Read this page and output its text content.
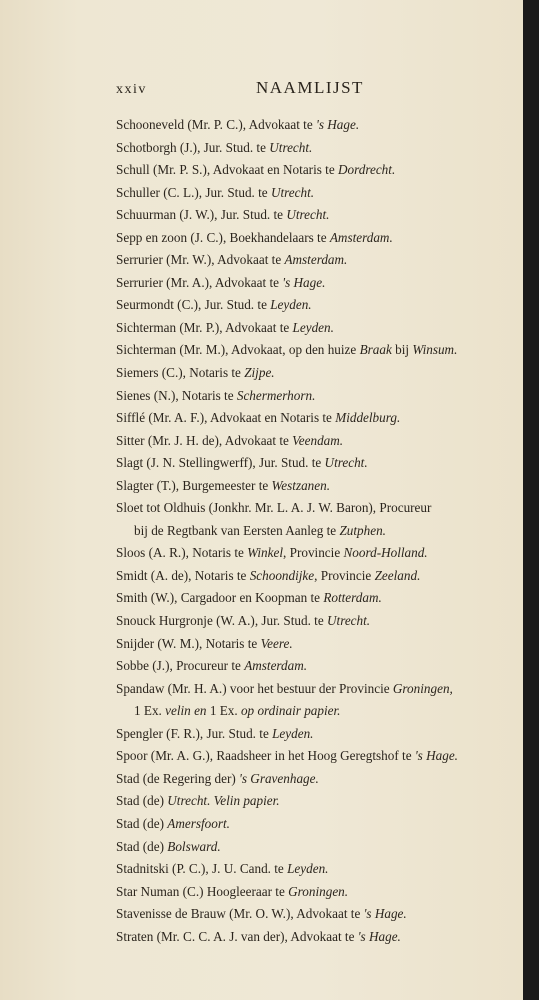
xxiv	NAAMLIJST
Schooneveld (Mr. P. C.), Advokaat te 's Hage.
Schotborgh (J.), Jur. Stud. te Utrecht.
Schull (Mr. P. S.), Advokaat en Notaris te Dordrecht.
Schuller (C. L.), Jur. Stud. te Utrecht.
Schuurman (J. W.), Jur. Stud. te Utrecht.
Sepp en zoon (J. C.), Boekhandelaars te Amsterdam.
Serrurier (Mr. W.), Advokaat te Amsterdam.
Serrurier (Mr. A.), Advokaat te 's Hage.
Seurmondt (C.), Jur. Stud. te Leyden.
Sichterman (Mr. P.), Advokaat te Leyden.
Sichterman (Mr. M.), Advokaat, op den huize Braak bij Winsum.
Siemers (C.), Notaris te Zijpe.
Sienes (N.), Notaris te Schermerhorn.
Sifflé (Mr. A. F.), Advokaat en Notaris te Middelburg.
Sitter (Mr. J. H. de), Advokaat te Veendam.
Slagt (J. N. Stellingwerff), Jur. Stud. te Utrecht.
Slagter (T.), Burgemeester te Westzanen.
Sloet tot Oldhuis (Jonkhr. Mr. L. A. J. W. Baron), Procureur
bij de Regtbank van Eersten Aanleg te Zutphen.
Sloos (A. R.), Notaris te Winkel, Provincie Noord-Holland.
Smidt (A. de), Notaris te Schoondijke, Provincie Zeeland.
Smith (W.), Cargadoor en Koopman te Rotterdam.
Snouck Hurgronje (W. A.), Jur. Stud. te Utrecht.
Snijder (W. M.), Notaris te Veere.
Sobbe (J.), Procureur te Amsterdam.
Spandaw (Mr. H. A.) voor het bestuur der Provincie Groningen,
1 Ex. velin en 1 Ex. op ordinair papier.
Spengler (F. R.), Jur. Stud. te Leyden.
Spoor (Mr. A. G.), Raadsheer in het Hoog Geregtshof te 's Hage.
Stad (de Regering der) 's Gravenhage.
Stad (de) Utrecht. Velin papier.
Stad (de) Amersfoort.
Stad (de) Bolsward.
Stadnitski (P. C.), J. U. Cand. te Leyden.
Star Numan (C.) Hoogleeraar te Groningen.
Stavenisse de Brauw (Mr. O. W.), Advokaat te 's Hage.
Straten (Mr. C. C. A. J. van der), Advokaat te 's Hage.
